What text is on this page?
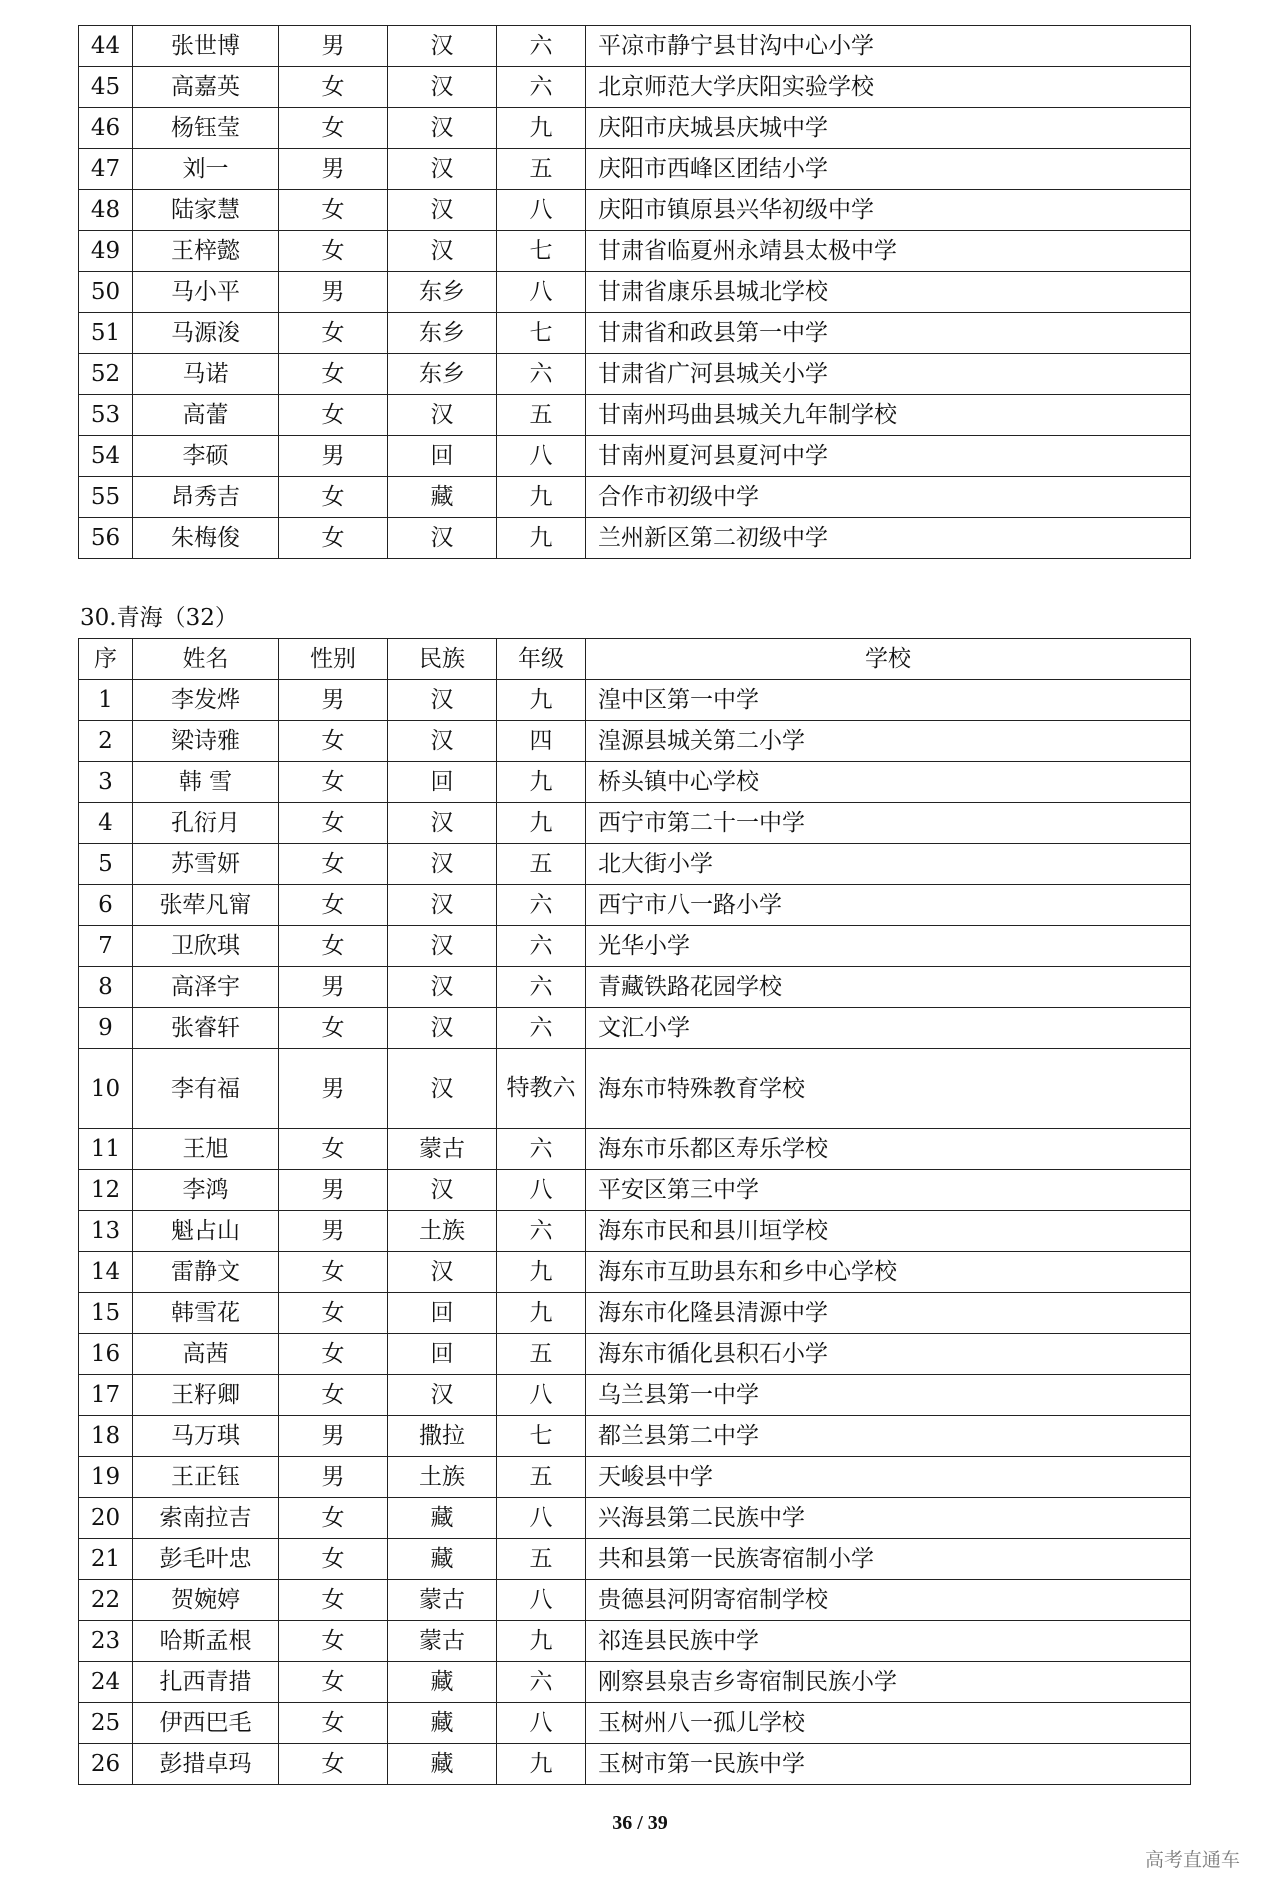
44	张世博	男	汉	六	平凉市静宁县甘沟中心小学
45	高嘉英	女	汉	六	北京师范大学庆阳实验学校
46	杨钰莹	女	汉	九	庆阳市庆城县庆城中学
47	刘一	男	汉	五	庆阳市西峰区团结小学
48	陆家慧	女	汉	八	庆阳市镇原县兴华初级中学
49	王梓懿	女	汉	七	甘肃省临夏州永靖县太极中学
50	马小平	男	东乡	八	甘肃省康乐县城北学校
51	马源浚	女	东乡	七	甘肃省和政县第一中学
52	马诺	女	东乡	六	甘肃省广河县城关小学
53	高蕾	女	汉	五	甘南州玛曲县城关九年制学校
54	李硕	男	回	八	甘南州夏河县夏河中学
55	昂秀吉	女	藏	九	合作市初级中学
56	朱梅俊	女	汉	九	兰州新区第二初级中学
30.青海（32）
序	姓名	性别	民族	年级	学校
1	李发烨	男	汉	九	湟中区第一中学
2	梁诗雅	女	汉	四	湟源县城关第二小学
3	韩 雪	女	回	九	桥头镇中心学校
4	孔衍月	女	汉	九	西宁市第二十一中学
5	苏雪妍	女	汉	五	北大街小学
6	张荦凡甯	女	汉	六	西宁市八一路小学
7	卫欣琪	女	汉	六	光华小学
8	高泽宇	男	汉	六	青藏铁路花园学校
9	张睿轩	女	汉	六	文汇小学
10	李有福	男	汉	特教六	海东市特殊教育学校
11	王旭	女	蒙古	六	海东市乐都区寿乐学校
12	李鸿	男	汉	八	平安区第三中学
13	魁占山	男	土族	六	海东市民和县川垣学校
14	雷静文	女	汉	九	海东市互助县东和乡中心学校
15	韩雪花	女	回	九	海东市化隆县清源中学
16	高茜	女	回	五	海东市循化县积石小学
17	王籽卿	女	汉	八	乌兰县第一中学
18	马万琪	男	撒拉	七	都兰县第二中学
19	王正钰	男	土族	五	天峻县中学
20	索南拉吉	女	藏	八	兴海县第二民族中学
21	彭毛叶忠	女	藏	五	共和县第一民族寄宿制小学
22	贺婉婷	女	蒙古	八	贵德县河阴寄宿制学校
23	哈斯孟根	女	蒙古	九	祁连县民族中学
24	扎西青措	女	藏	六	刚察县泉吉乡寄宿制民族小学
25	伊西巴毛	女	藏	八	玉树州八一孤儿学校
26	彭措卓玛	女	藏	九	玉树市第一民族中学
36 / 39
高考直通车
